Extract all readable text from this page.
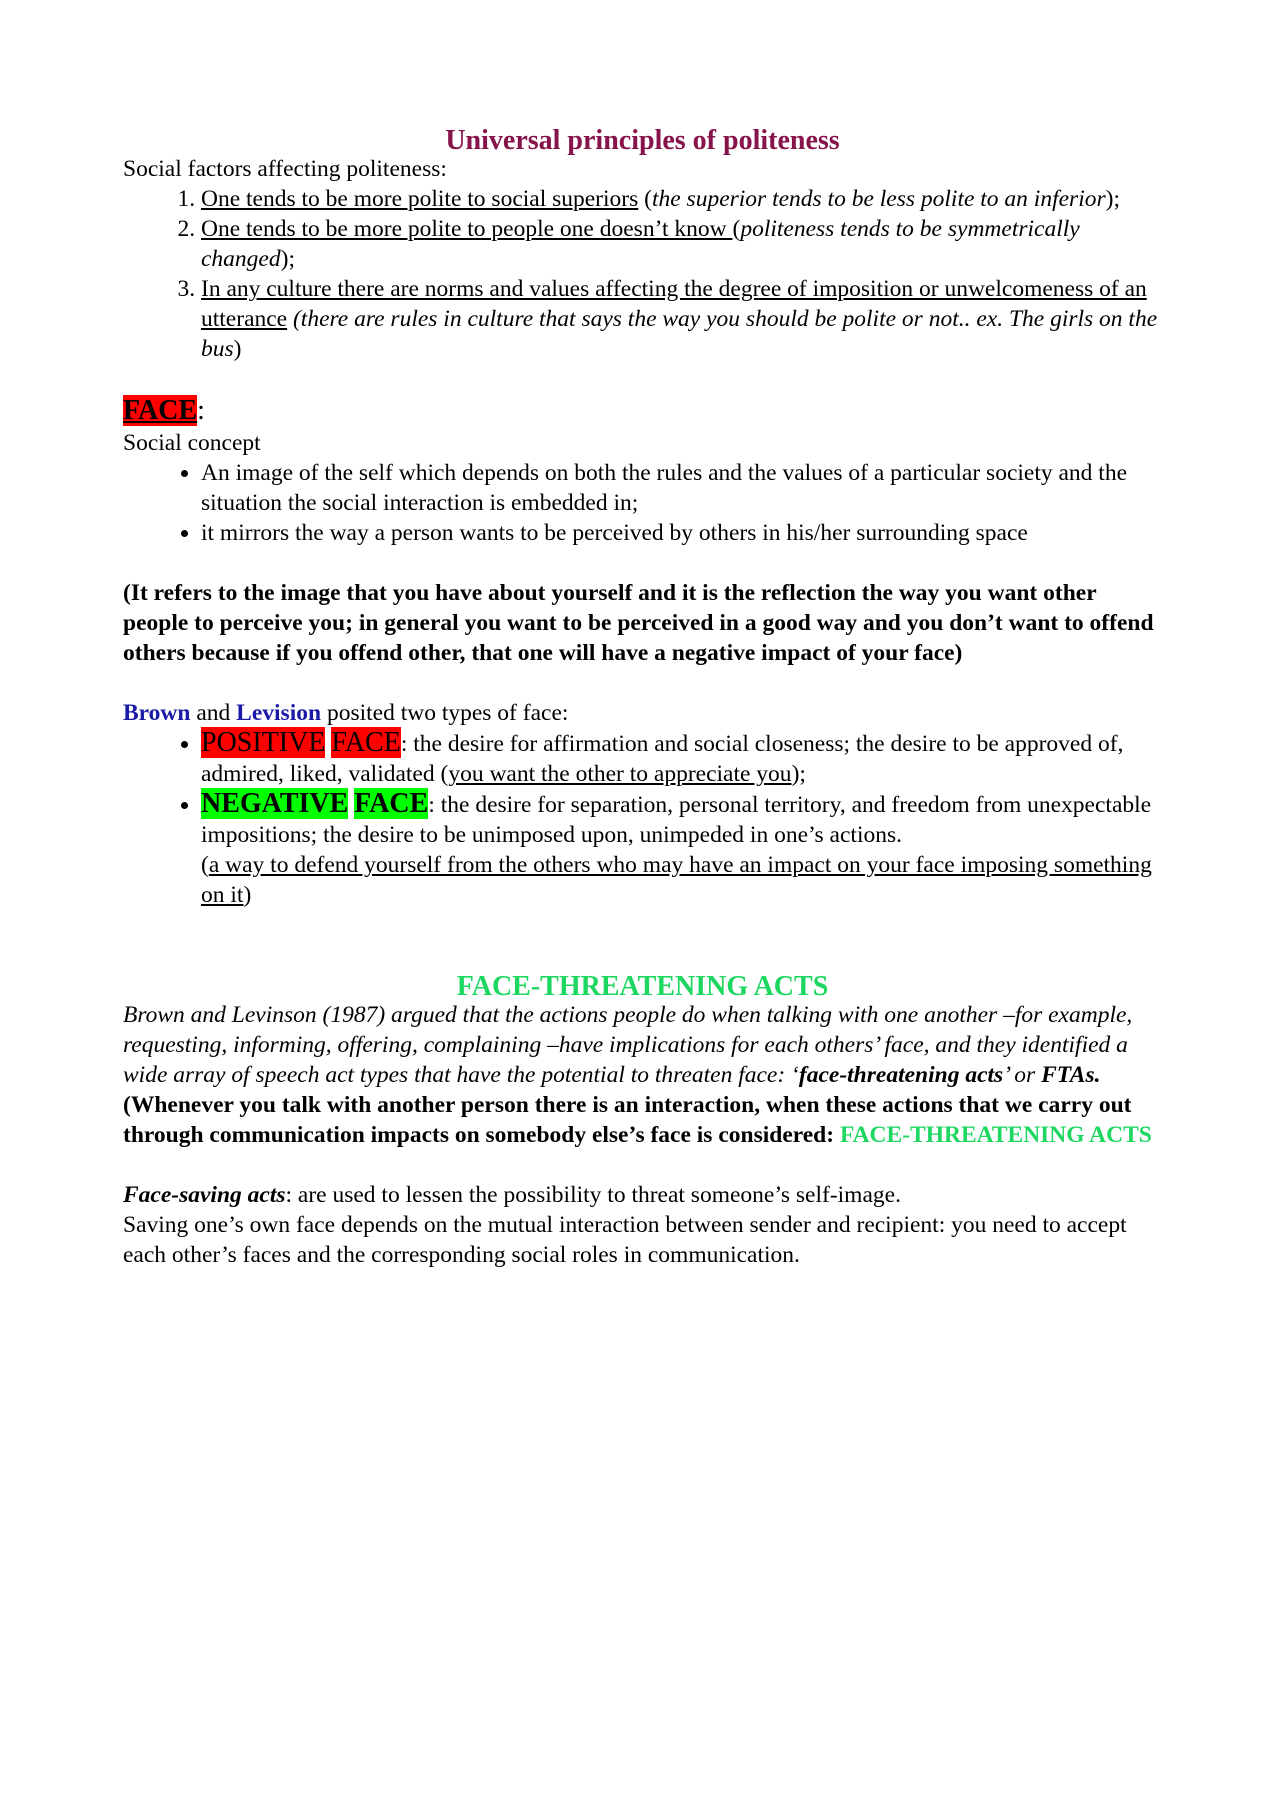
Universal principles of politeness

Social factors affecting politeness:

1. One tends to be more polite to social superiors (the superior tends to be less polite to an inferior);
2. One tends to be more polite to people one doesn’t know (politeness tends to be symmetrically changed);
3. In any culture there are norms and values affecting the degree of imposition or unwelcomeness of an utterance (there are rules in culture that says the way you should be polite or not.. ex. The girls on the bus)

FACE:

Social concept

• An image of the self which depends on both the rules and the values of a particular society and the situation the social interaction is embedded in;
• it mirrors the way a person wants to be perceived by others in his/her surrounding space

(It refers to the image that you have about yourself and it is the reflection the way you want other people to perceive you; in general you want to be perceived in a good way and you don’t want to offend others because if you offend other, that one will have a negative impact of your face)

Brown and Levision posited two types of face:

• POSITIVE FACE: the desire for affirmation and social closeness; the desire to be approved of, admired, liked, validated (you want the other to appreciate you);
• NEGATIVE FACE: the desire for separation, personal territory, and freedom from unexpectable impositions; the desire to be unimposed upon, unimpeded in one’s actions.
(a way to defend yourself from the others who may have an impact on your face imposing something on it)
FACE-THREATENING ACTS

Brown and Levinson (1987) argued that the actions people do when talking with one another –for example, requesting, informing, offering, complaining –have implications for each others’ face, and they identified a wide array of speech act types that have the potential to threaten face: ‘face-threatening acts’ or FTAs.

(Whenever you talk with another person there is an interaction, when these actions that we carry out through communication impacts on somebody else’s face is considered: FACE-THREATENING ACTS

Face-saving acts: are used to lessen the possibility to threat someone’s self-image.

Saving one’s own face depends on the mutual interaction between sender and recipient: you need to accept each other’s faces and the corresponding social roles in communication.
